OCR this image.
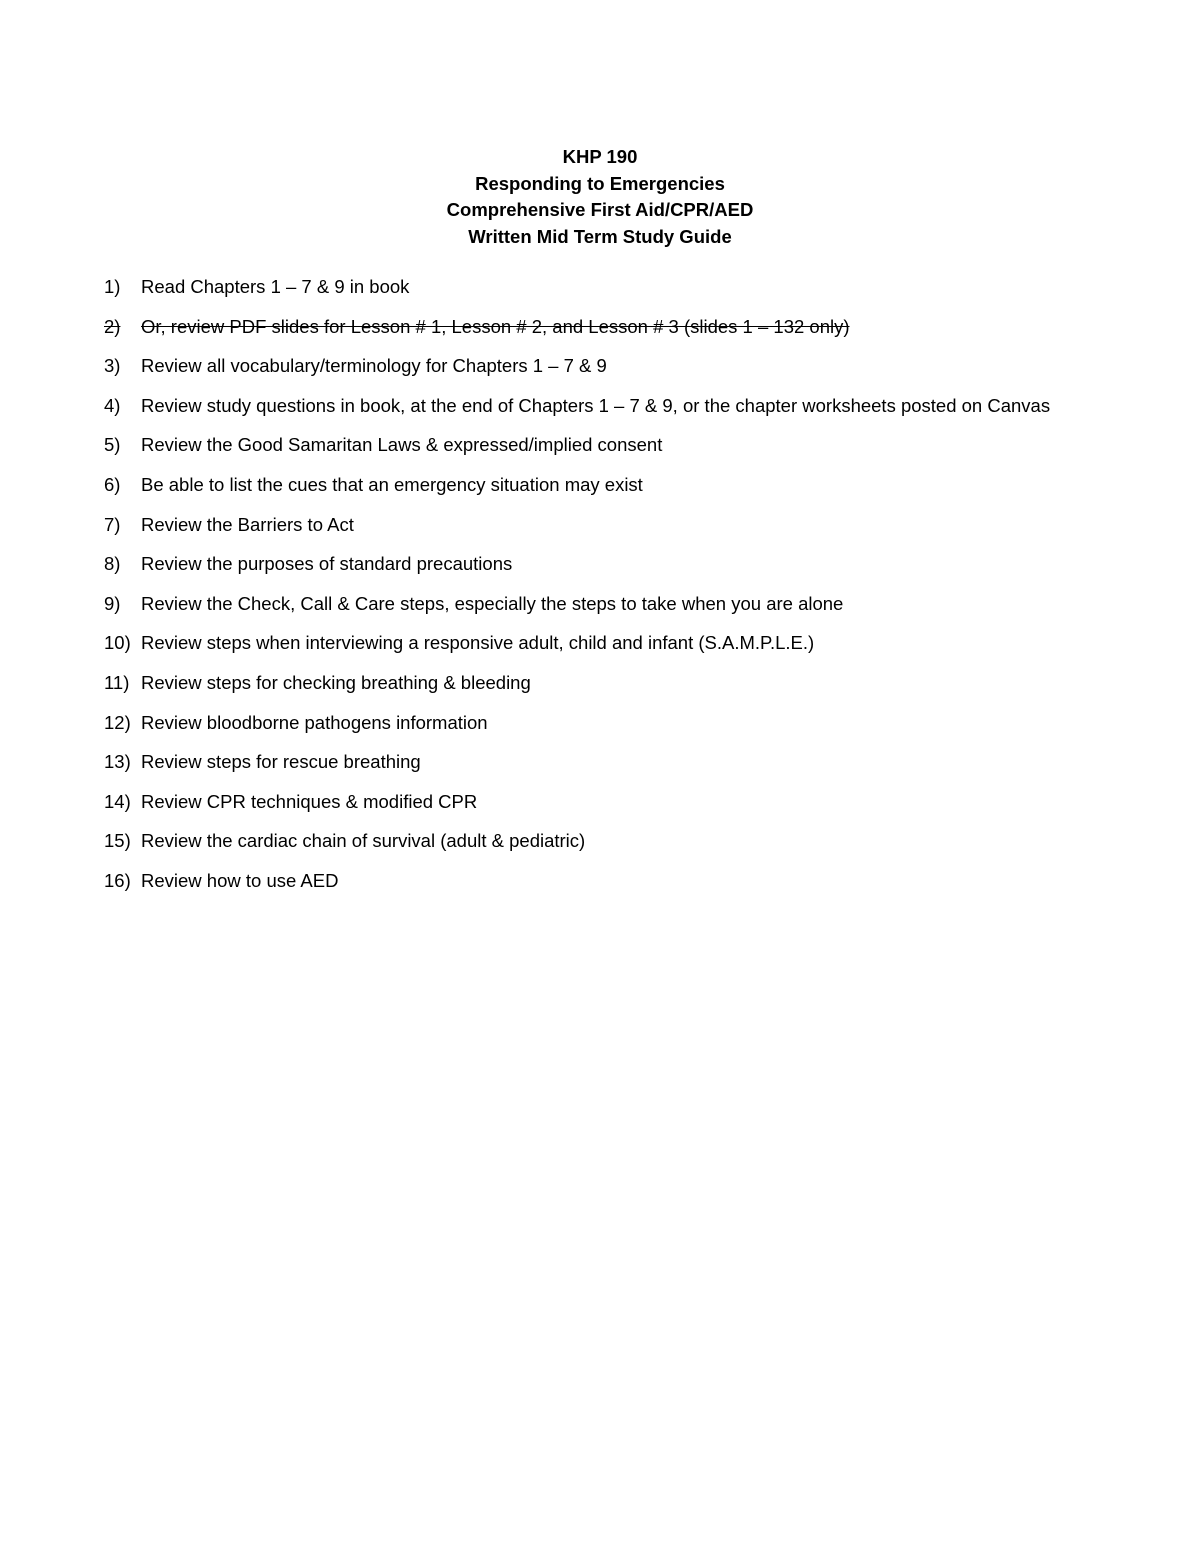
KHP 190
Responding to Emergencies
Comprehensive First Aid/CPR/AED
Written Mid Term Study Guide
1) Read Chapters 1 – 7 & 9 in book
2) Or, review PDF slides for Lesson # 1, Lesson # 2, and Lesson # 3 (slides 1 – 132 only)
3) Review all vocabulary/terminology for Chapters 1 – 7 & 9
4) Review study questions in book, at the end of Chapters 1 – 7 & 9, or the chapter worksheets posted on Canvas
5) Review the Good Samaritan Laws & expressed/implied consent
6) Be able to list the cues that an emergency situation may exist
7) Review the Barriers to Act
8) Review the purposes of standard precautions
9) Review the Check, Call & Care steps, especially the steps to take when you are alone
10) Review steps when interviewing a responsive adult, child and infant (S.A.M.P.L.E.)
11) Review steps for checking breathing & bleeding
12) Review bloodborne pathogens information
13) Review steps for rescue breathing
14) Review CPR techniques & modified CPR
15) Review the cardiac chain of survival (adult & pediatric)
16) Review how to use AED
